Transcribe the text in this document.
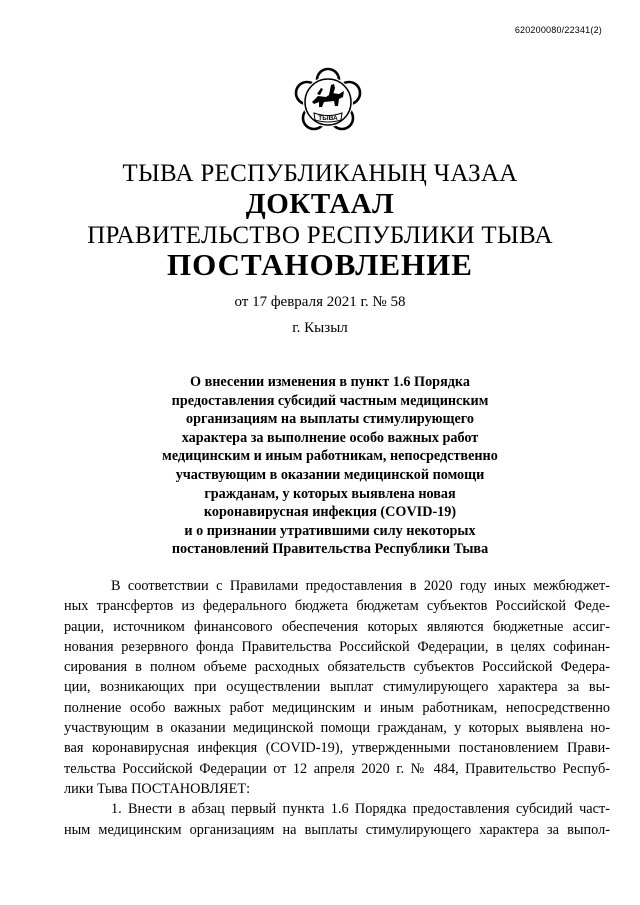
620200080/22341(2)
ТЫВА
ТЫВА РЕСПУБЛИКАНЫҢ ЧАЗАА
ДОКТААЛ
ПРАВИТЕЛЬСТВО РЕСПУБЛИКИ ТЫВА
ПОСТАНОВЛЕНИЕ
от 17 февраля 2021 г. № 58
г. Кызыл
О внесении изменения в пункт 1.6 Порядка
предоставления субсидий частным медицинским
организациям на выплаты стимулирующего
характера за выполнение особо важных работ
медицинским и иным работникам, непосредственно
участвующим в оказании медицинской помощи
гражданам, у которых выявлена новая
коронавирусная инфекция (COVID-19)
и о признании утратившими силу некоторых
постановлений Правительства Республики Тыва
В соответствии с Правилами предоставления в 2020 году иных межбюджет-
ных трансфертов из федерального бюджета бюджетам субъектов Российской Феде-
рации, источником финансового обеспечения которых являются бюджетные ассиг-
нования резервного фонда Правительства Российской Федерации, в целях софинан-
сирования в полном объеме расходных обязательств субъектов Российской Федера-
ции, возникающих при осуществлении выплат стимулирующего характера за вы-
полнение особо важных работ медицинским и иным работникам, непосредственно
участвующим в оказании медицинской помощи гражданам, у которых выявлена но-
вая коронавирусная инфекция (COVID-19), утвержденными постановлением Прави-
тельства Российской Федерации от 12 апреля 2020 г. № 484, Правительство Респуб-
лики Тыва ПОСТАНОВЛЯЕТ:
1. Внести в абзац первый пункта 1.6 Порядка предоставления субсидий част-
ным медицинским организациям на выплаты стимулирующего характера за выпол-
